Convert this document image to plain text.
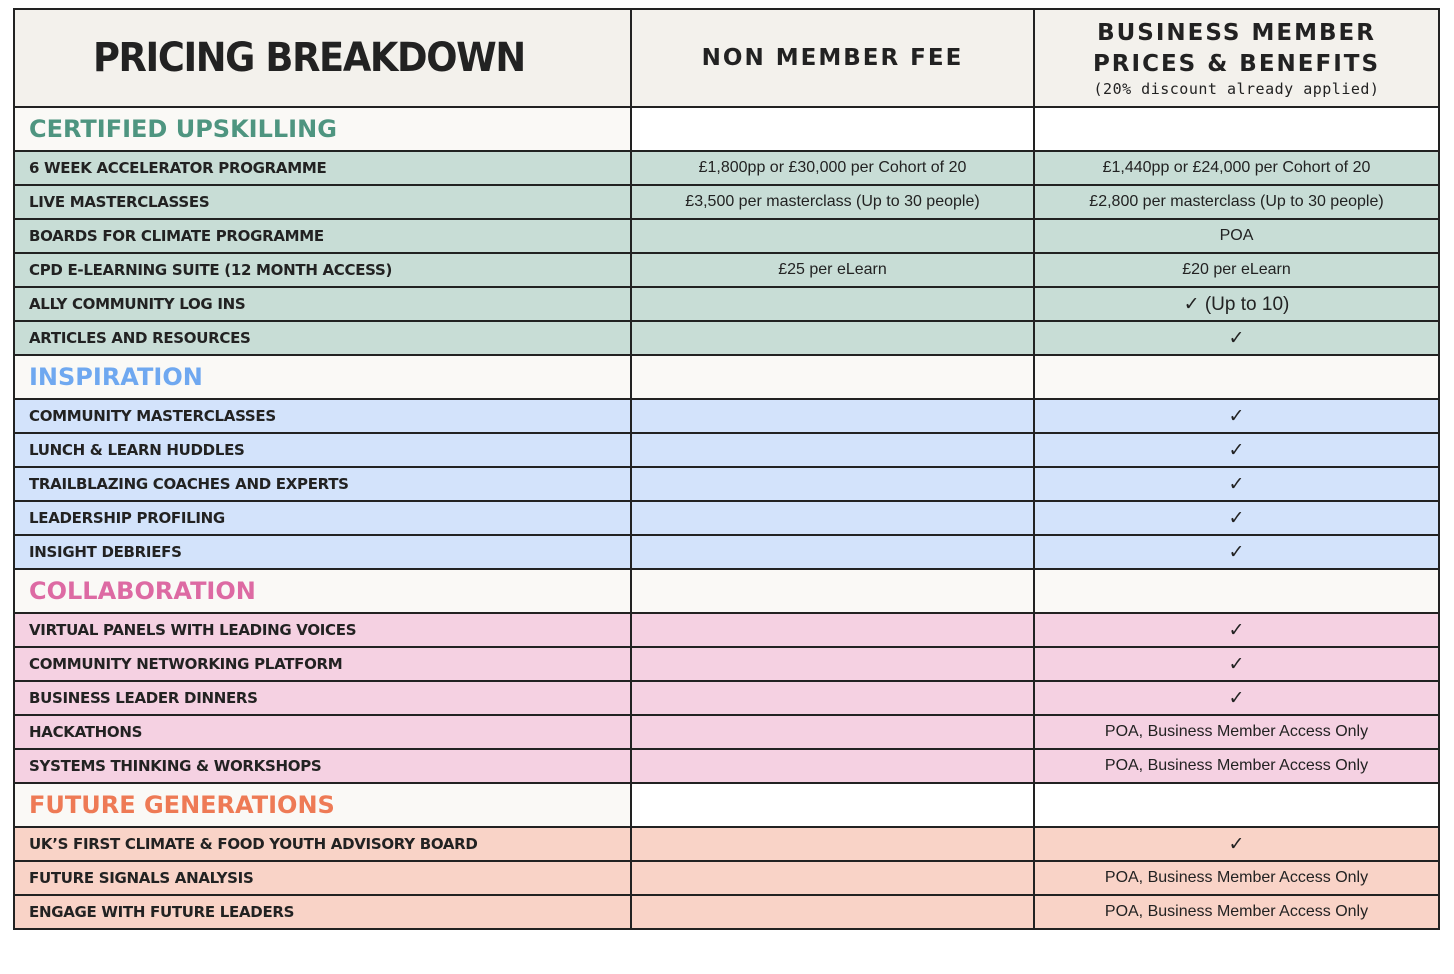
PRICING BREAKDOWN	NON MEMBER FEE	BUSINESS MEMBER
PRICES & BENEFITS
(20% discount already applied)

CERTIFIED UPSKILLING		
6 WEEK ACCELERATOR PROGRAMME	£1,800pp or £30,000 per Cohort of 20	£1,440pp or £24,000 per Cohort of 20
LIVE MASTERCLASSES	£3,500 per masterclass (Up to 30 people)	£2,800 per masterclass (Up to 30 people)
BOARDS FOR CLIMATE PROGRAMME		POA
CPD E-LEARNING SUITE (12 MONTH ACCESS)	£25 per eLearn	£20 per eLearn
ALLY COMMUNITY LOG INS		✓ (Up to 10)
ARTICLES AND RESOURCES		✓
INSPIRATION		
COMMUNITY MASTERCLASSES		✓
LUNCH & LEARN HUDDLES		✓
TRAILBLAZING COACHES AND EXPERTS		✓
LEADERSHIP PROFILING		✓
INSIGHT DEBRIEFS		✓
COLLABORATION		
VIRTUAL PANELS WITH LEADING VOICES		✓
COMMUNITY NETWORKING PLATFORM		✓
BUSINESS LEADER DINNERS		✓
HACKATHONS		POA, Business Member Access Only
SYSTEMS THINKING & WORKSHOPS		POA, Business Member Access Only
FUTURE GENERATIONS		
UK’S FIRST CLIMATE & FOOD YOUTH ADVISORY BOARD		✓
FUTURE SIGNALS ANALYSIS		POA, Business Member Access Only
ENGAGE WITH FUTURE LEADERS		POA, Business Member Access Only
